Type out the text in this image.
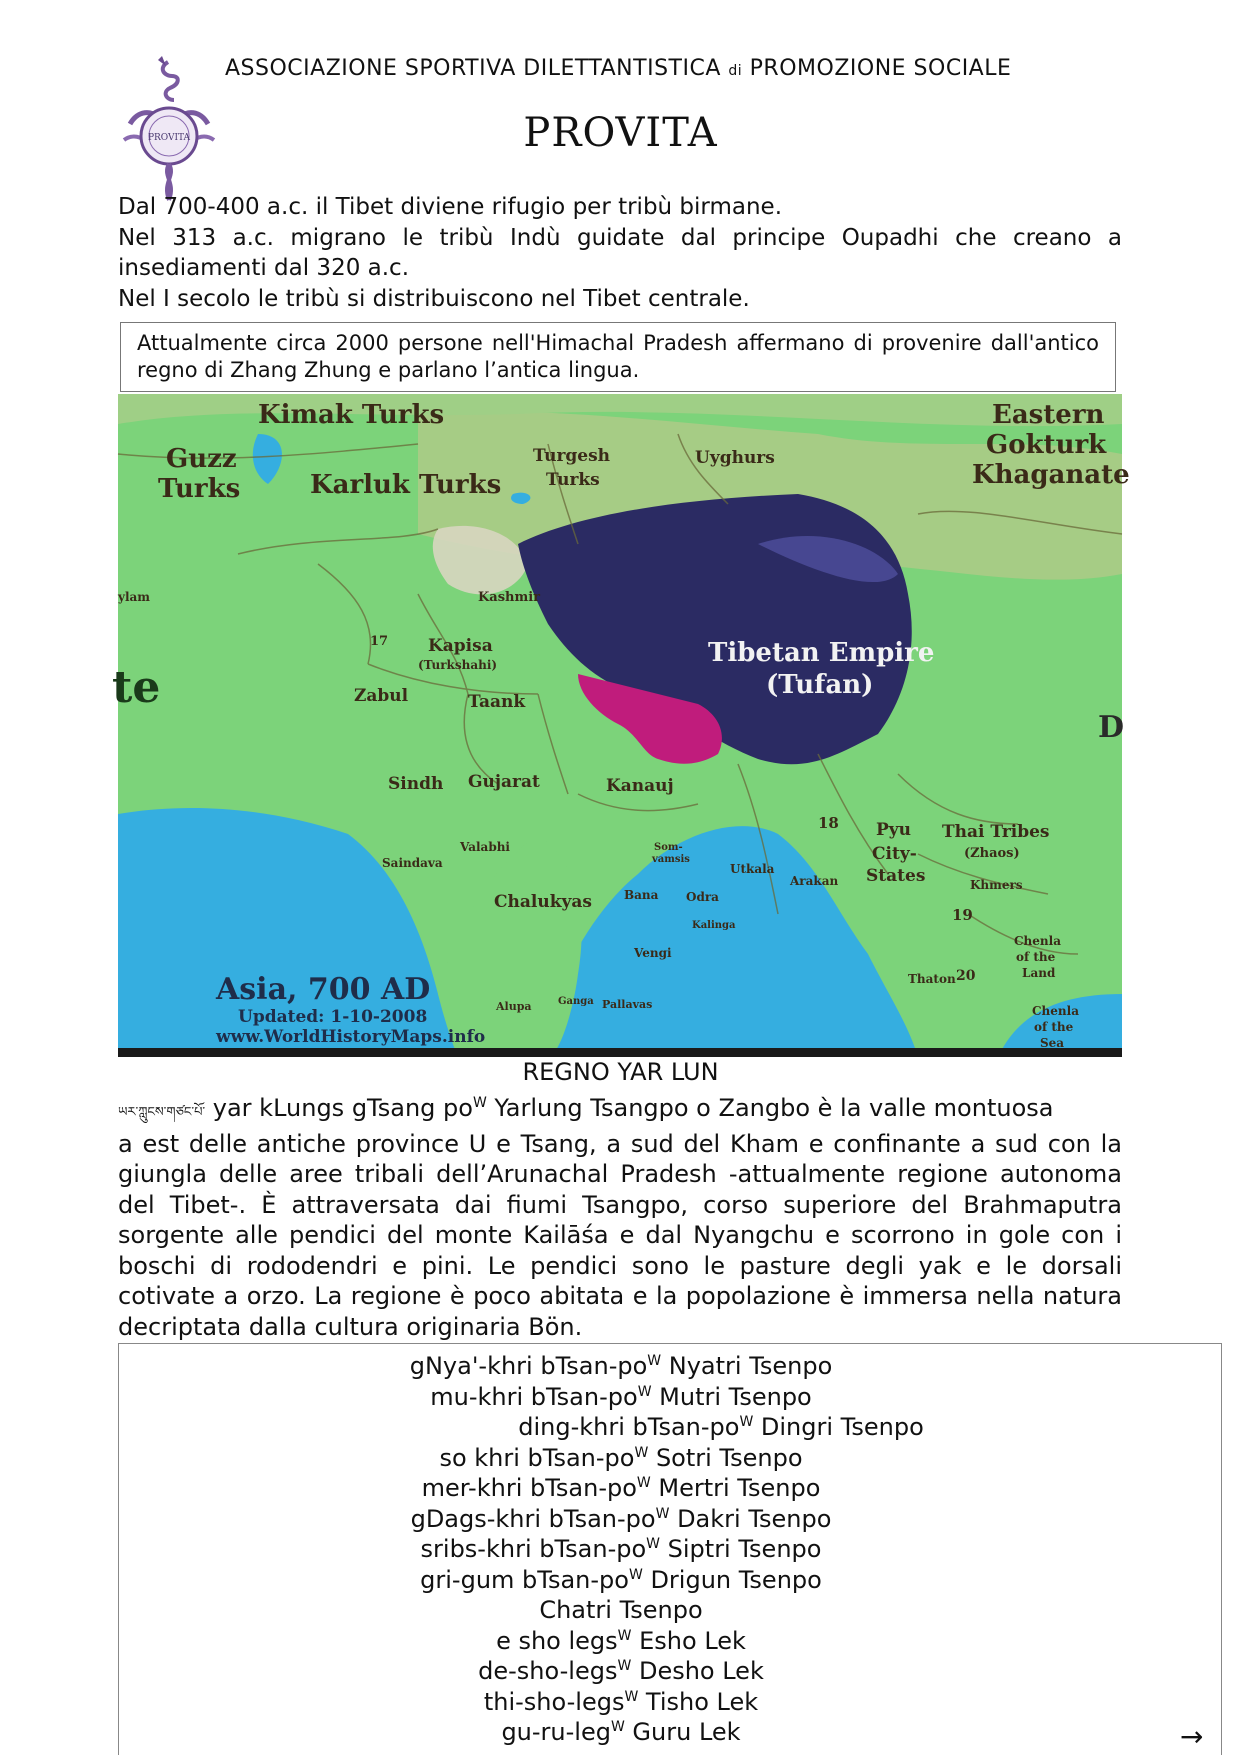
PROVITA
ASSOCIAZIONE SPORTIVA DILETTANTISTICA di PROMOZIONE SOCIALE
PROVITA

Dal 700-400 a.c. il Tibet diviene rifugio per tribù birmane.

Nel 313 a.c. migrano le tribù Indù guidate dal principe Oupadhi che creano a insediamenti dal 320 a.c.

Nel I secolo le tribù si distribuiscono nel Tibet centrale.

Attualmente circa 2000 persone nell'Himachal Pradesh affermano di provenire dall'antico regno di Zhang Zhung e parlano l’antica lingua.
Kimak Turks
Guzz
Turks	Karluk Turks
Turgesh
Turks
Uyghurs
Eastern
Gokturk
Khaganate
ylam	Kashmir
17 Kapisa
(Turkshahi)
Zabul	Taank
te
Tibetan Empire
(Tufan)
D
Sindh Gujarat	Kanauj
18 Pyu
City-
States
Thai Tribes
(Zhaos)
Valabhi
Saindava
Som-
vamsis
Utkala
Arakan	Khmers
19
Chalukyas	Bana Odra
Kalinga
Vengi
Chenla
of the
Land
Thaton 20
Alupa	Ganga Pallavas	Chenla
of the
Sea
Asia, 700 AD
Updated: 1-10-2008
www.WorldHistoryMaps.info
REGNO YAR LUN

ཡར་ཀླུངས་གཙང་པོ་ yar kLungs gTsang $po^W$ Yarlung Tsangpo o Zangbo è la valle montuosa

a est delle antiche province U e Tsang, a sud del Kham e confinante a sud con la giungla delle aree tribali dell’Arunachal Pradesh -attualmente regione autonoma del Tibet-. È attraversata dai fiumi Tsangpo, corso superiore del Brahmaputra sorgente alle pendici del monte Kailāśa e dal Nyangchu e scorrono in gole con i boschi di rododendri e pini. Le pendici sono le pasture degli yak e le dorsali cotivate a orzo. La regione è poco abitata e la popolazione è immersa nella natura decriptata dalla cultura originaria Bön.

gNya'-khri bTsan-$po^W$ Nyatri Tsenpo
mu-khri bTsan-$po^W$ Mutri Tsenpo
ding-khri bTsan-$po^W$ Dingri Tsenpo
so khri bTsan-$po^W$ Sotri Tsenpo
mer-khri bTsan-$po^W$ Mertri Tsenpo
gDags-khri bTsan-$po^W$ Dakri Tsenpo
sribs-khri bTsan-$po^W$ Siptri Tsenpo
gri-gum bTsan-$po^W$ Drigun Tsenpo
Chatri Tsenpo
e sho legs$^W$ Esho Lek
de-sho-legs$^W$ Desho Lek
thi-sho-legs$^W$ Tisho Lek
gu-ru-leg$^W$ Guru Lek	→
